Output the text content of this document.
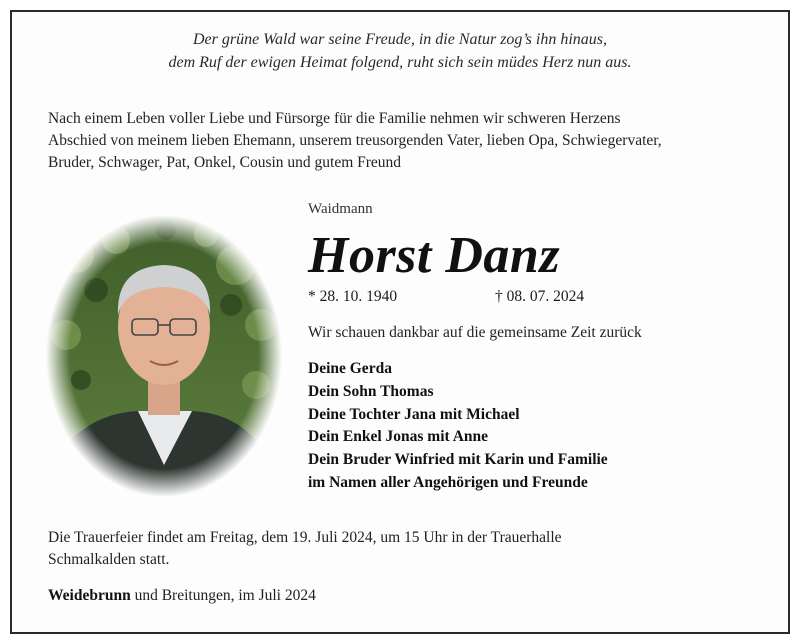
Der grüne Wald war seine Freude, in die Natur zog’s ihn hinaus,
dem Ruf der ewigen Heimat folgend, ruht sich sein müdes Herz nun aus.
Nach einem Leben voller Liebe und Fürsorge für die Familie nehmen wir schweren Herzens
Abschied von meinem lieben Ehemann, unserem treusorgenden Vater, lieben Opa, Schwiegervater,
Bruder, Schwager, Pat, Onkel, Cousin und gutem Freund
Waidmann
Horst Danz
* 28. 10. 1940	† 08. 07. 2024
Wir schauen dankbar auf die gemeinsame Zeit zurück
Deine Gerda
Dein Sohn Thomas
Deine Tochter Jana mit Michael
Dein Enkel Jonas mit Anne
Dein Bruder Winfried mit Karin und Familie
im Namen aller Angehörigen und Freunde
Die Trauerfeier findet am Freitag, dem 19. Juli 2024, um 15 Uhr in der Trauerhalle
Schmalkalden statt.
Weidebrunn und Breitungen, im Juli 2024
